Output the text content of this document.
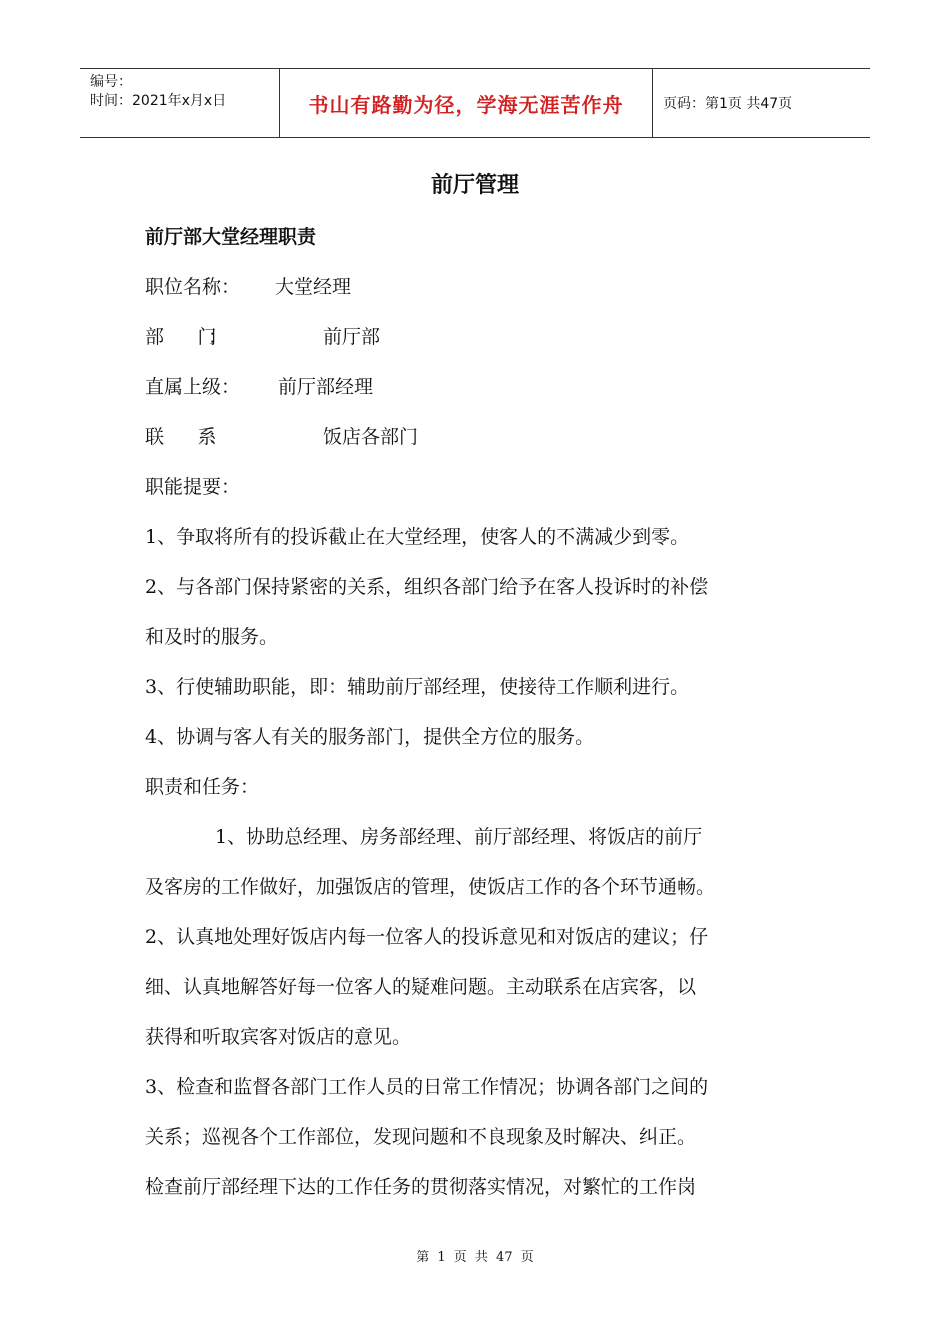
编号：
时间：2021年x月x日	书山有路勤为径，学海无涯苦作舟	页码：第1页 共47页
前厅管理
前厅部大堂经理职责
职位名称：	大堂经理
部　　　　门：	前厅部
直属上级：	前厅部经理
联　　　　系：	饭店各部门
职能提要：
1、争取将所有的投诉截止在大堂经理，使客人的不满减少到零。
2、与各部门保持紧密的关系，组织各部门给予在客人投诉时的补偿
和及时的服务。
3、行使辅助职能，即：辅助前厅部经理，使接待工作顺利进行。
4、协调与客人有关的服务部门，提供全方位的服务。
职责和任务：
1、协助总经理、房务部经理、前厅部经理、将饭店的前厅
及客房的工作做好，加强饭店的管理，使饭店工作的各个环节通畅。
2、认真地处理好饭店内每一位客人的投诉意见和对饭店的建议；仔
细、认真地解答好每一位客人的疑难问题。主动联系在店宾客，以
获得和听取宾客对饭店的意见。
3、检查和监督各部门工作人员的日常工作情况；协调各部门之间的
关系；巡视各个工作部位，发现问题和不良现象及时解决、纠正。
检查前厅部经理下达的工作任务的贯彻落实情况，对繁忙的工作岗
第 1 页 共 47 页
